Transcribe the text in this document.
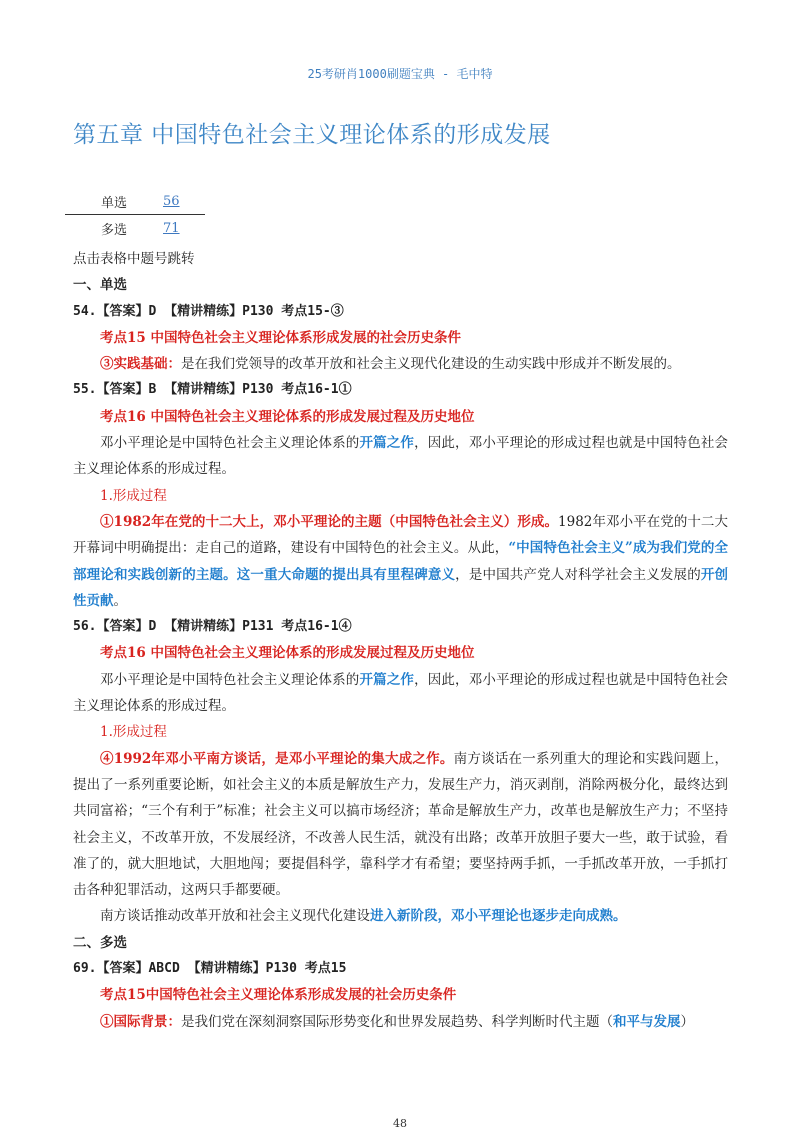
25考研肖1000刷题宝典 - 毛中特
第五章 中国特色社会主义理论体系的形成发展
单选	56
多选	71

点击表格中题号跳转

一、单选

54.【答案】D 【精讲精练】P130 考点15-③

考点15 中国特色社会主义理论体系形成发展的社会历史条件

③实践基础：是在我们党领导的改革开放和社会主义现代化建设的生动实践中形成并不断发展的。

55.【答案】B 【精讲精练】P130 考点16-1①

考点16 中国特色社会主义理论体系的形成发展过程及历史地位

邓小平理论是中国特色社会主义理论体系的开篇之作，因此，邓小平理论的形成过程也就是中国特色社会主义理论体系的形成过程。

1.形成过程

①1982年在党的十二大上，邓小平理论的主题（中国特色社会主义）形成。1982年邓小平在党的十二大开幕词中明确提出：走自己的道路，建设有中国特色的社会主义。从此，“中国特色社会主义”成为我们党的全部理论和实践创新的主题。这一重大命题的提出具有里程碑意义，是中国共产党人对科学社会主义发展的开创性贡献。

56.【答案】D 【精讲精练】P131 考点16-1④

考点16 中国特色社会主义理论体系的形成发展过程及历史地位

邓小平理论是中国特色社会主义理论体系的开篇之作，因此，邓小平理论的形成过程也就是中国特色社会主义理论体系的形成过程。

1.形成过程

④1992年邓小平南方谈话，是邓小平理论的集大成之作。南方谈话在一系列重大的理论和实践问题上，提出了一系列重要论断，如社会主义的本质是解放生产力，发展生产力，消灭剥削，消除两极分化，最终达到共同富裕；“三个有利于”标准；社会主义可以搞市场经济；革命是解放生产力，改革也是解放生产力；不坚持社会主义，不改革开放，不发展经济，不改善人民生活，就没有出路；改革开放胆子要大一些，敢于试验，看准了的，就大胆地试，大胆地闯；要提倡科学，靠科学才有希望；要坚持两手抓，一手抓改革开放，一手抓打击各种犯罪活动，这两只手都要硬。

南方谈话推动改革开放和社会主义现代化建设进入新阶段，邓小平理论也逐步走向成熟。

二、多选

69.【答案】ABCD 【精讲精练】P130 考点15

考点15中国特色社会主义理论体系形成发展的社会历史条件

①国际背景：是我们党在深刻洞察国际形势变化和世界发展趋势、科学判断时代主题（和平与发展）

48
